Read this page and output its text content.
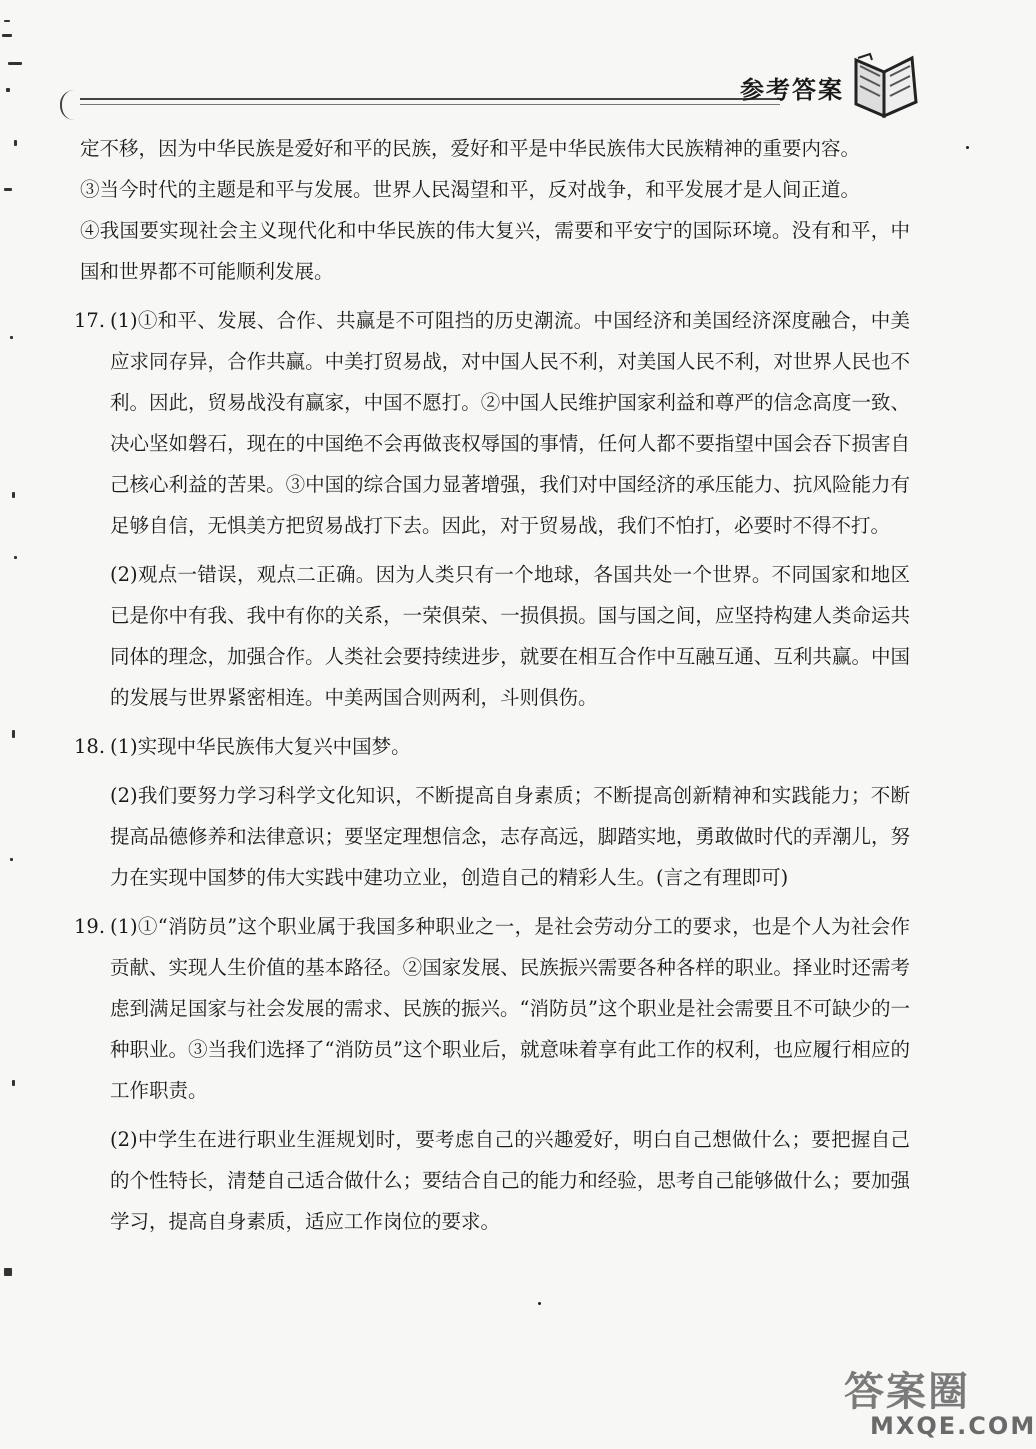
参考答案

定不移，因为中华民族是爱好和平的民族，爱好和平是中华民族伟大民族精神的重要内容。

③当今时代的主题是和平与发展。世界人民渴望和平，反对战争，和平发展才是人间正道。

④我国要实现社会主义现代化和中华民族的伟大复兴，需要和平安宁的国际环境。没有和平，中国和世界都不可能顺利发展。

17. (1)①和平、发展、合作、共赢是不可阻挡的历史潮流。中国经济和美国经济深度融合，中美应求同存异，合作共赢。中美打贸易战，对中国人民不利，对美国人民不利，对世界人民也不利。因此，贸易战没有赢家，中国不愿打。②中国人民维护国家利益和尊严的信念高度一致、决心坚如磐石，现在的中国绝不会再做丧权辱国的事情，任何人都不要指望中国会吞下损害自己核心利益的苦果。③中国的综合国力显著增强，我们对中国经济的承压能力、抗风险能力有足够自信，无惧美方把贸易战打下去。因此，对于贸易战，我们不怕打，必要时不得不打。

(2)观点一错误，观点二正确。因为人类只有一个地球，各国共处一个世界。不同国家和地区已是你中有我、我中有你的关系，一荣俱荣、一损俱损。国与国之间，应坚持构建人类命运共同体的理念，加强合作。人类社会要持续进步，就要在相互合作中互融互通、互利共赢。中国的发展与世界紧密相连。中美两国合则两利，斗则俱伤。

18. (1)实现中华民族伟大复兴中国梦。

(2)我们要努力学习科学文化知识，不断提高自身素质；不断提高创新精神和实践能力；不断提高品德修养和法律意识；要坚定理想信念，志存高远，脚踏实地，勇敢做时代的弄潮儿，努力在实现中国梦的伟大实践中建功立业，创造自己的精彩人生。(言之有理即可)

19. (1)①“消防员”这个职业属于我国多种职业之一，是社会劳动分工的要求，也是个人为社会作贡献、实现人生价值的基本路径。②国家发展、民族振兴需要各种各样的职业。择业时还需考虑到满足国家与社会发展的需求、民族的振兴。“消防员”这个职业是社会需要且不可缺少的一种职业。③当我们选择了“消防员”这个职业后，就意味着享有此工作的权利，也应履行相应的工作职责。

(2)中学生在进行职业生涯规划时，要考虑自己的兴趣爱好，明白自己想做什么；要把握自己的个性特长，清楚自己适合做什么；要结合自己的能力和经验，思考自己能够做什么；要加强学习，提高自身素质，适应工作岗位的要求。

答案圈
MXQE.COM
